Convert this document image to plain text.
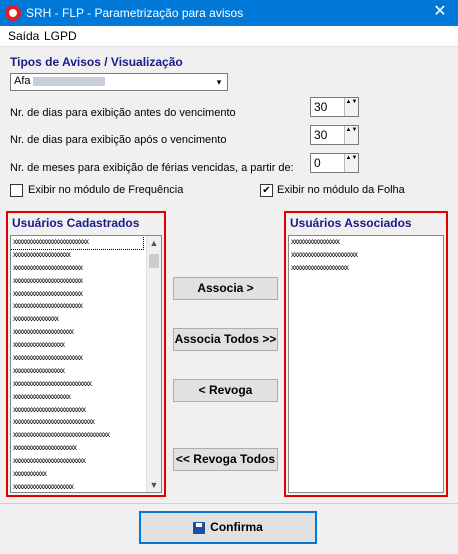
SRH - FLP - Parametrização para avisos	✕
Saída LGPD
Tipos de Avisos / Visualização
Afa	▾
Nr. de dias para exibição antes do vencimento	30	▲▼
Nr. de dias para exibição após o vencimento	30	▲▼
Nr. de meses para exibição de férias vencidas, a partir de: 0	▲▼
Exibir no módulo de Frequência	✔ Exibir no módulo da Folha
Usuários Cadastrados
xxxxxxxxxxxxxxxxxxxxxxxxx
xxxxxxxxxxxxxxxxxxx
xxxxxxxxxxxxxxxxxxxxxxx
xxxxxxxxxxxxxxxxxxxxxxx
xxxxxxxxxxxxxxxxxxxxxxx
xxxxxxxxxxxxxxxxxxxxxxx
xxxxxxxxxxxxxxx
xxxxxxxxxxxxxxxxxxxx
xxxxxxxxxxxxxxxxx
xxxxxxxxxxxxxxxxxxxxxxx
xxxxxxxxxxxxxxxxx
xxxxxxxxxxxxxxxxxxxxxxxxxx
xxxxxxxxxxxxxxxxxxx
xxxxxxxxxxxxxxxxxxxxxxxx
xxxxxxxxxxxxxxxxxxxxxxxxxxx
xxxxxxxxxxxxxxxxxxxxxxxxxxxxxxxx
xxxxxxxxxxxxxxxxxxxxx
xxxxxxxxxxxxxxxxxxxxxxxx
xxxxxxxxxxx
xxxxxxxxxxxxxxxxxxxx
▲
▼
Usuários Associados
xxxxxxxxxxxxxxxx
xxxxxxxxxxxxxxxxxxxxxx
xxxxxxxxxxxxxxxxxxx
Associa >
Associa Todos >>
< Revoga
<< Revoga Todos
Confirma
